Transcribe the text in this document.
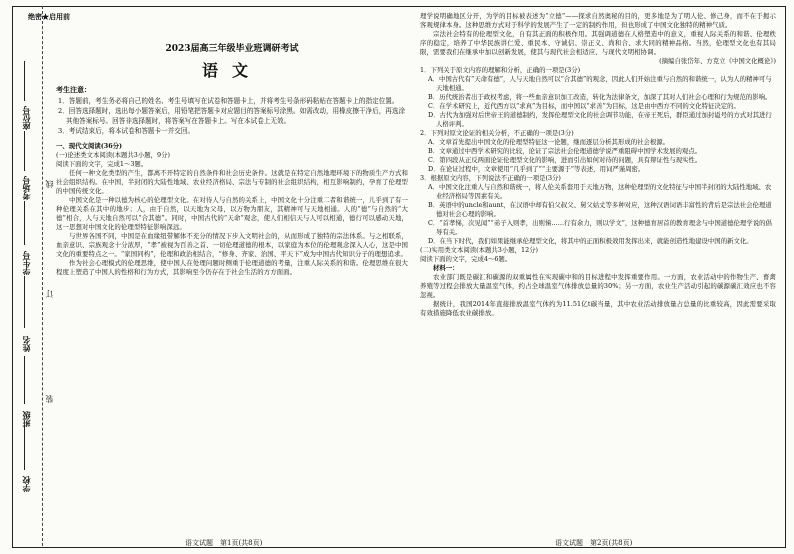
学校
班级
姓名
学生号
考场号
座位号
线
订
装
绝密★启用前
2023届高三年级毕业班调研考试
语文
考生注意：

1．答题前，考生务必将自己的姓名、考生号填写在试卷和答题卡上，并将考生号条形码粘贴在答题卡上的指定位置。

2．回答选择题时，选出每小题答案后，用铅笔把答题卡对应题目的答案标号涂黑。如需改动，用橡皮擦干净后，再选涂其他答案标号。回答非选择题时，将答案写在答题卡上。写在本试卷上无效。

3．考试结束后，将本试卷和答题卡一并交回。

一、现代文阅读(36分)
(一)论述类文本阅读(本题共3小题，9分)
阅读下面的文字，完成1～3题。

任何一种文化类型的产生，都离不开特定的自然条件和社会历史条件。这就是在特定自然地理环境下的物质生产方式和社会组织结构。在中国，半封闭的大陆性地域、农业经济格局、宗法与专制的社会组织结构，相互影响制约，孕育了伦理型的中国传统文化。

中国文化是一种以德为核心的伦理型文化。在对待人与自然的关系上，中国文化十分注重二者和谐统一，儿乎到了有一种伦理关系在其中的地步；人，由于自然，以天地为父母，以万物为朋友，其精神可与天地相通。人的“德”与自然的“大德”相合，人与天地自然可以“合其德”。同时，中国古代的“天命”观念，使人们相信天与人可以相通，德行可以感动天地，这一思想对中国文化的伦理型特征影响深远。

与世界各国不同，中国是在血缘纽带解体不充分的情况下步入文明社会的，从而形成了独特的宗法体系。与之相联系，血亲意识、宗族观念十分浓厚，“孝”被视为百善之首、一切伦理道德的根本，以家庭为本位的伦理观念深入人心，这是中国文化的重要特点之一。“家国同构”，伦理和政治相结合，“修身、齐家、治国、平天下”成为中国古代知识分子的理想追求。

作为社会心理模式的伦理思维，使中国人在处理问题时侧重于伦理道德的考量，注重人际关系的和谐。伦理思维在很大程度上塑造了中国人的性格和行为方式，其影响至今仍存在于社会生活的方方面面。

理学说明确地区分开，为学的目标被表述为“立德”——探求自然奥秘的目的，更多地是为了明人伦、修己身，而不在于揭示客观规律本身。这种思维方式对于科学的发展产生了一定的制约作用，但也形成了中国文化独特的精神气质。

宗法社会特有的伦理型文化，自有其正面的积极作用。其强调道德在人格塑造中的意义，重视人际关系的和谐、伦理秩序的稳定，培养了中华民族讲仁爱、重民本、守诚信、崇正义、尚和合、求大同的精神品格。当然，伦理型文化也有其局限，需要我们在继承中加以创新发展，使其与现代社会相适应、与现代文明相协调。

(摘编自张岱年、方克立《中国文化概论》)

1．下列关于原文内容的理解和分析，正确的一项是(3分)

A．中国古代有“天命有德”，人与天地自然可以“合其德”的观念，因此人们开始注重与自然的和谐统一，认为人的精神可与天地相通。

B．历代统治者出于政权考虑，将一些血亲意识加工改造，转化为法律条文，加深了其对人们社会心理和行为规范的影响。

C．在学术研究上，近代西方以“求真”为目标，而中国以“求善”为目标，这是由中西方不同的文化特征决定的。

D．古代为加强对后世帝王的道德制约，发挥伦理型文化的社会调节功能，在帝王死后，群臣通过加封谥号的方式对其进行人格评判。

2．下列对原文论证的相关分析，不正确的一项是(3分)

A．文章首先提出中国文化的伦理型特征这一论题，继而逐层分析其形成的社会根源。

B．文章通过中西学术研究的比较，论证了宗法社会伦理道德学说严重阻碍中国学术发展的观点。

C．第四段从正反两面论证伦理型文化的影响，进而引出如何对待的问题，具有辩证性与现实性。

D．在论证过程中，文章使用“几乎到了”“主要源于”等表述，用词严谨周密。

3．根据原文内容，下列说法不正确的一项是(3分)

A．中国文化注重人与自然和谐统一，将人伦关系套用于天地万物，这种伦理型的文化特征与中国半封闭的大陆性地域、农业经济格局等因素有关。

B．英语中的uncle和aunt，在汉语中却有伯父叔父、舅父姑丈等多种对应，这种汉语词语丰富性的背后是宗法社会伦理道德对社会心理的影响。

C．“首孝悌，次见闻”“弟子入则孝，出则悌……行有余力，则以学文”，这种德育居首的教育理念与中国道德伦理学说的倡导有关。

D．在当下时代，我们如果能继承伦理型文化，将其中的正面积极效用发挥出来，就能创造性地建设中国的新文化。

(二)实用类文本阅读(本题共3小题，12分)
阅读下面的文字，完成4～6题。
材料一：

农业部门既是碳汇和碳源的双重属性在实现碳中和的目标进程中发挥重要作用。一方面，农业活动中的作物生产、畜禽养殖等过程会排放大量温室气体，约占全球温室气体排放总量的30%；另一方面，农业生产活动引起的碳源碳汇效应也不容忽视。

据统计，我国2014年直接排放温室气体约为11.51亿t碳当量，其中农业活动排放量占总量的比重较高，因此需要采取有效措施降低农业碳排放。

语文试题　第1页(共8页)	语文试题　第2页(共8页)
